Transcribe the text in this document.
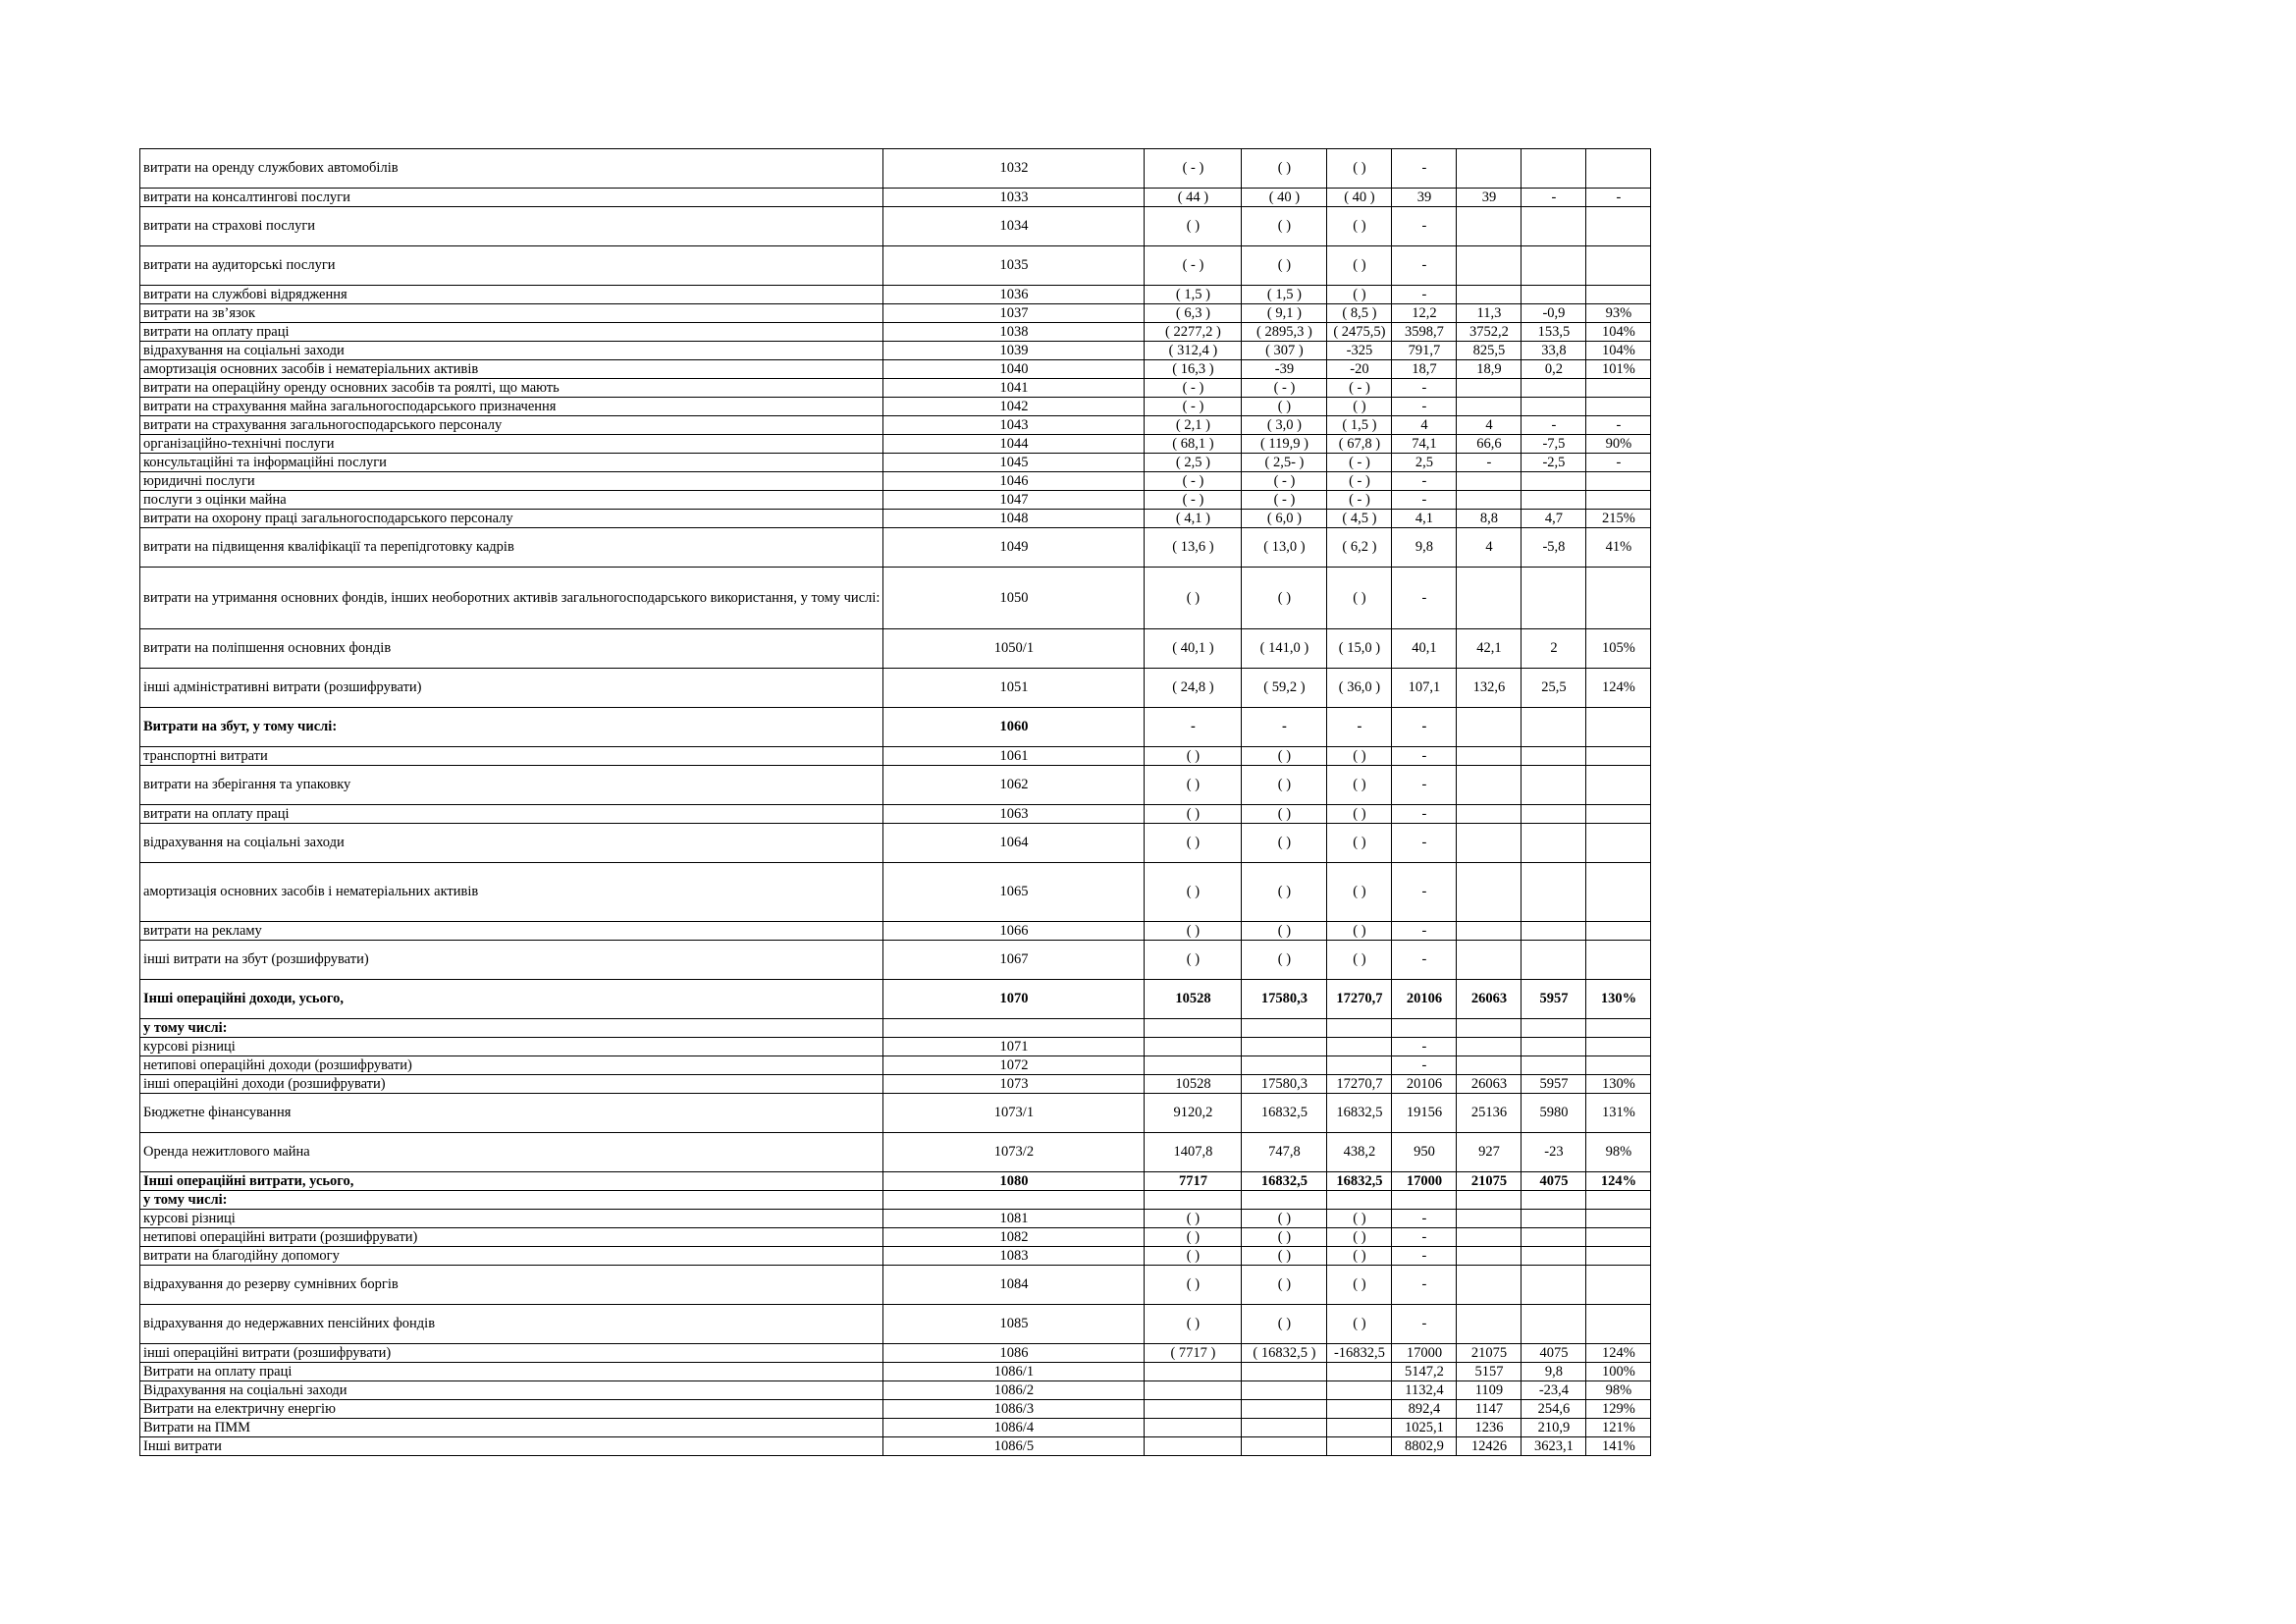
витрати на оренду службових автомобілів	1032	( - )	( )	( )	-			
витрати на консалтингові послуги	1033	( 44 )	( 40 )	( 40 )	39	39	-	-
витрати на страхові послуги	1034	( )	( )	( )	-			
витрати на аудиторські послуги	1035	( - )	( )	( )	-			
витрати на службові відрядження	1036	( 1,5 )	( 1,5 )	( )	-			
витрати на зв’язок	1037	( 6,3 )	( 9,1 )	( 8,5 )	12,2	11,3	-0,9	93%
витрати на оплату праці	1038	( 2277,2 )	( 2895,3 )	( 2475,5)	3598,7	3752,2	153,5	104%
відрахування на соціальні заходи	1039	( 312,4 )	( 307 )	-325	791,7	825,5	33,8	104%
амортизація основних засобів і нематеріальних активів	1040	( 16,3 )	-39	-20	18,7	18,9	0,2	101%
витрати на операційну оренду основних засобів та роялті, що мають	1041	( - )	( - )	( - )	-			
витрати на страхування майна загальногосподарського призначення	1042	( - )	( )	( )	-			
витрати на страхування загальногосподарського персоналу	1043	( 2,1 )	( 3,0 )	( 1,5 )	4	4	-	-
організаційно-технічні послуги	1044	( 68,1 )	( 119,9 )	( 67,8 )	74,1	66,6	-7,5	90%
консультаційні та інформаційні послуги	1045	( 2,5 )	( 2,5- )	( - )	2,5	-	-2,5	-
юридичні послуги	1046	( - )	( - )	( - )	-			
послуги з оцінки майна	1047	( - )	( - )	( - )	-			
витрати на охорону праці загальногосподарського персоналу	1048	( 4,1 )	( 6,0 )	( 4,5 )	4,1	8,8	4,7	215%
витрати на підвищення кваліфікації та перепідготовку кадрів	1049	( 13,6 )	( 13,0 )	( 6,2 )	9,8	4	-5,8	41%
витрати на утримання основних фондів, інших необоротних активів загальногосподарського використання, у тому числі:	1050	( )	( )	( )	-			
витрати на поліпшення основних фондів	1050/1	( 40,1 )	( 141,0 )	( 15,0 )	40,1	42,1	2	105%
інші адміністративні витрати (розшифрувати)	1051	( 24,8 )	( 59,2 )	( 36,0 )	107,1	132,6	25,5	124%
Витрати на збут, у тому числі:	1060	-	-	-	-			
транспортні витрати	1061	( )	( )	( )	-			
витрати на зберігання та упаковку	1062	( )	( )	( )	-			
витрати на оплату праці	1063	( )	( )	( )	-			
відрахування на соціальні заходи	1064	( )	( )	( )	-			
амортизація основних засобів і нематеріальних активів	1065	( )	( )	( )	-			
витрати на рекламу	1066	( )	( )	( )	-			
інші витрати на збут (розшифрувати)	1067	( )	( )	( )	-			
Інші операційні доходи, усього,	1070	10528	17580,3	17270,7	20106	26063	5957	130%
у тому числі:								
курсові різниці	1071				-			
нетипові операційні доходи (розшифрувати)	1072				-			
інші операційні доходи (розшифрувати)	1073	10528	17580,3	17270,7	20106	26063	5957	130%
Бюджетне фінансування	1073/1	9120,2	16832,5	16832,5	19156	25136	5980	131%
Оренда нежитлового майна	1073/2	1407,8	747,8	438,2	950	927	-23	98%
Інші операційні витрати, усього,	1080	7717	16832,5	16832,5	17000	21075	4075	124%
у тому числі:								
курсові різниці	1081	( )	( )	( )	-			
нетипові операційні витрати (розшифрувати)	1082	( )	( )	( )	-			
витрати на благодійну допомогу	1083	( )	( )	( )	-			
відрахування до резерву сумнівних боргів	1084	( )	( )	( )	-			
відрахування до недержавних пенсійних фондів	1085	( )	( )	( )	-			
інші операційні витрати (розшифрувати)	1086	( 7717 )	( 16832,5 )	-16832,5	17000	21075	4075	124%
Витрати на оплату праці	1086/1				5147,2	5157	9,8	100%
Відрахування на соціальні заходи	1086/2				1132,4	1109	-23,4	98%
Витрати на електричну енергію	1086/3				892,4	1147	254,6	129%
Витрати на ПММ	1086/4				1025,1	1236	210,9	121%
Інші витрати	1086/5				8802,9	12426	3623,1	141%
